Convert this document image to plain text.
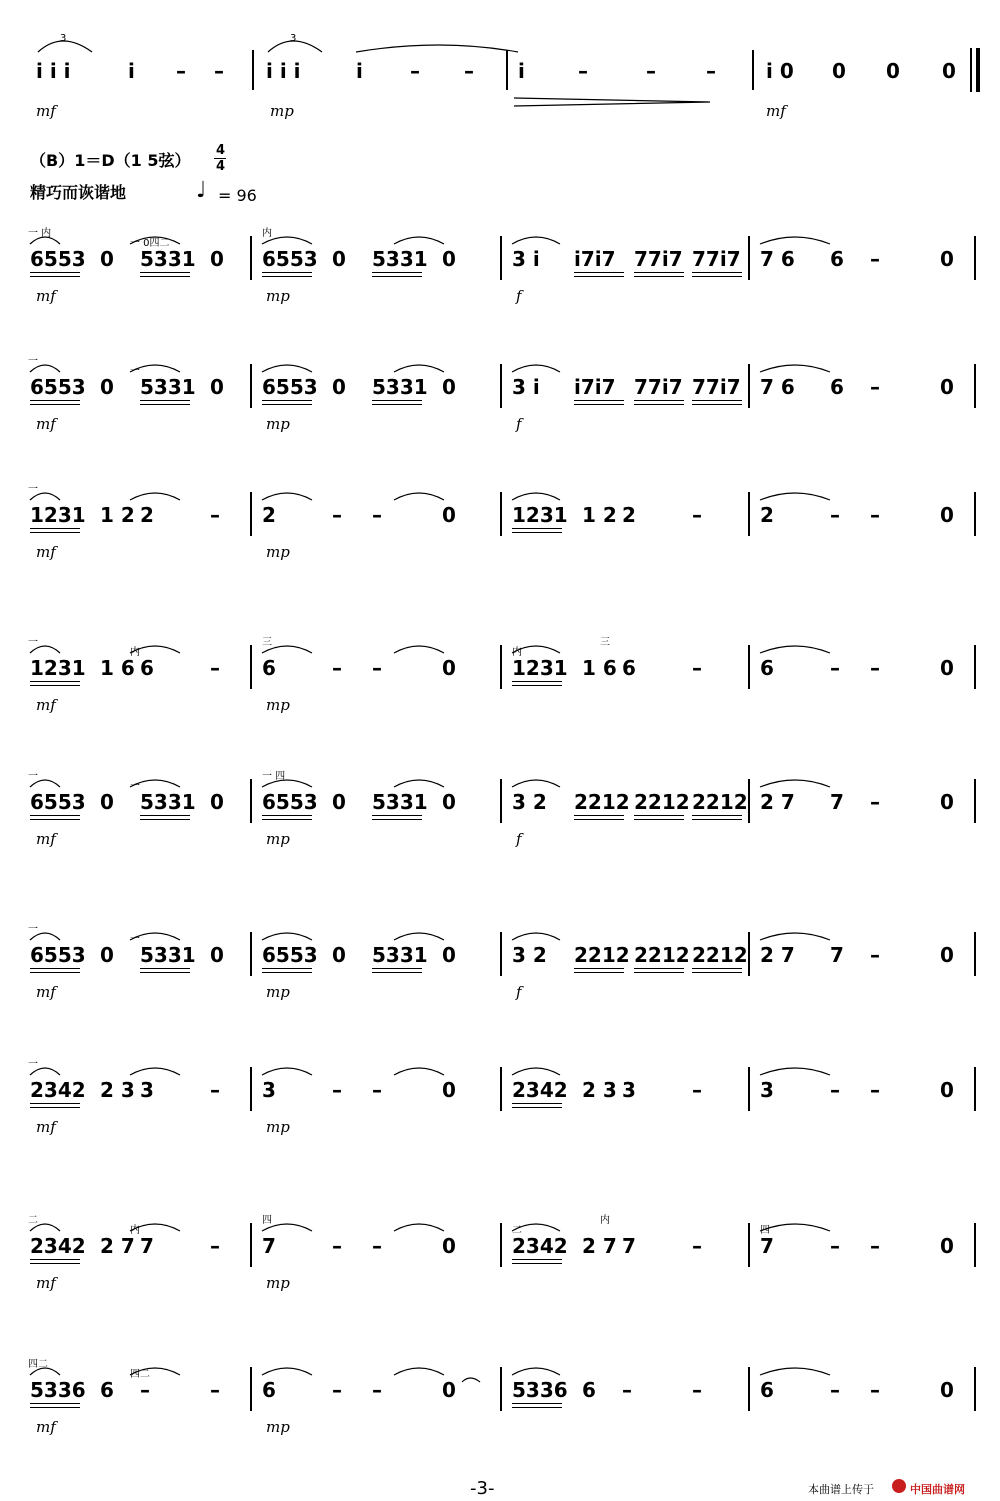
3	3
i i i	i – – i i i	i – – i	–	–	–	i 0 0 0 0
mf	mp	mf
（B）1＝D（1 5弦）
4
4
精巧而诙谐地	♩ = 96
一 内
一 0四二
内
6553 0 5331 0 6553 0 5331 0	3 i i7i7 77i7 77i7 7 6 6 –	0
mf	mp	f
一
一
6553 0 5331 0 6553 0 5331 0	3 i i7i7 77i7 77i7 7 6 6 –	0
mf	mp	f
一
1231 1 2 2	– 2	– –	0	1231 1 2 2	–	2	– –	0
mf	mp
一
内
三
内
三
1231 1 6 6	– 6	– –	0	1231 1 6 6	–	6	– –	0
mf	mp
一
一
一 四
6553 0 5331 0 6553 0 5331 0	3 2 2212 2212 2212 2 7 7 –	0
mf	mp	f
一
一
6553 0 5331 0 6553 0 5331 0	3 2 2212 2212 2212 2 7 7 –	0
mf	mp	f
一
2342 2 3 3	– 3	– –	0	2342 2 3 3	–	3	– –	0
mf	mp
二
内
四
二
内
四
2342 2 7 7	– 7	– –	0	2342 2 7 7	–	7	– –	0
mf	mp
四二
四二
5336 6 –	– 6	– –	0	5336 6 –	–	6	– –	0
mf	mp
-3-	本曲谱上传于	中国曲谱网
